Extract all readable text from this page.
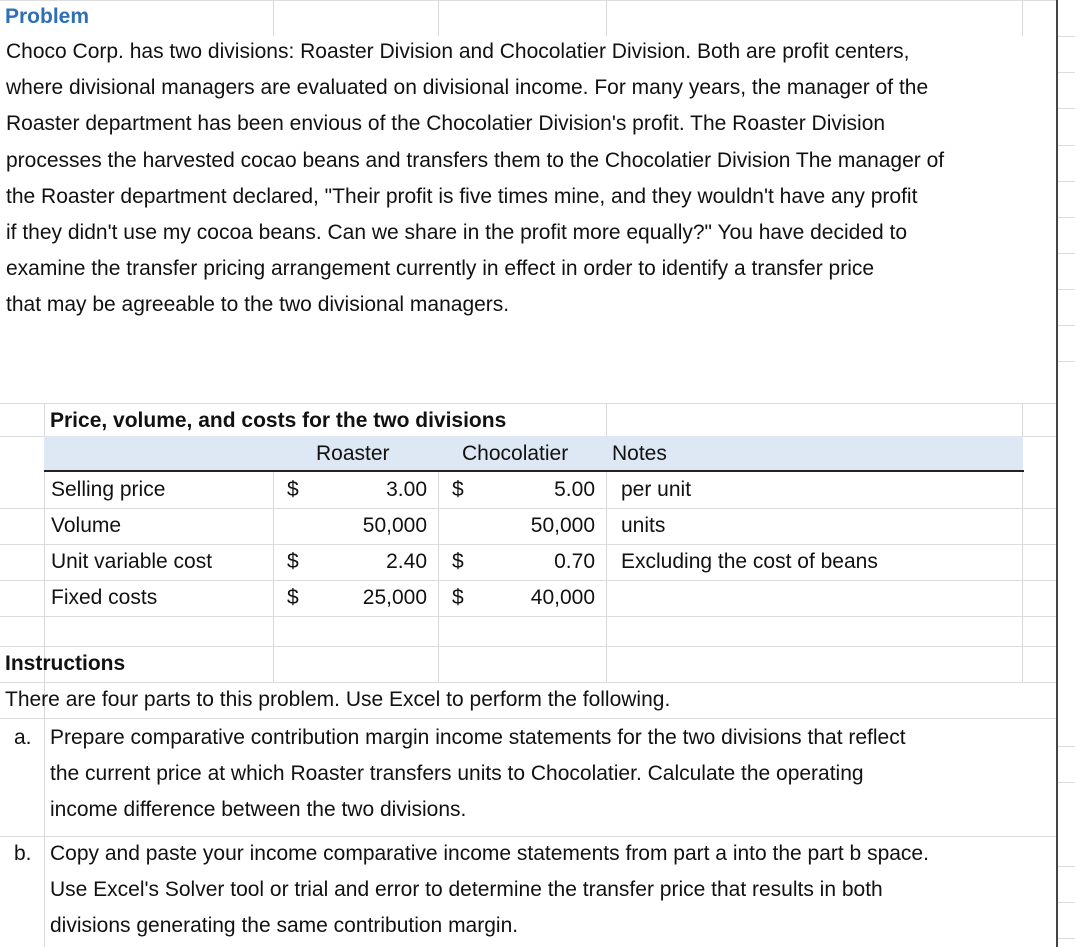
Problem
Choco Corp. has two divisions: Roaster Division and Chocolatier Division. Both are profit centers,
where divisional managers are evaluated on divisional income. For many years, the manager of the
Roaster department has been envious of the Chocolatier Division's profit. The Roaster Division
processes the harvested cocao beans and transfers them to the Chocolatier Division The manager of
the Roaster department declared, "Their profit is five times mine, and they wouldn't have any profit
if they didn't use my cocoa beans. Can we share in the profit more equally?" You have decided to
examine the transfer pricing arrangement currently in effect in order to identify a transfer price
that may be agreeable to the two divisional managers.
Price, volume, and costs for the two divisions
Roaster	Chocolatier Notes
Selling price	$	3.00 $	5.00 per unit
Volume	50,000	50,000 units
Unit variable cost	$	2.40 $	0.70 Excluding the cost of beans
Fixed costs	$	25,000 $	40,000
Instructions
There are four parts to this problem. Use Excel to perform the following.
a. Prepare comparative contribution margin income statements for the two divisions that reflect
the current price at which Roaster transfers units to Chocolatier. Calculate the operating
income difference between the two divisions.
b. Copy and paste your income comparative income statements from part a into the part b space.
Use Excel's Solver tool or trial and error to determine the transfer price that results in both
divisions generating the same contribution margin.
